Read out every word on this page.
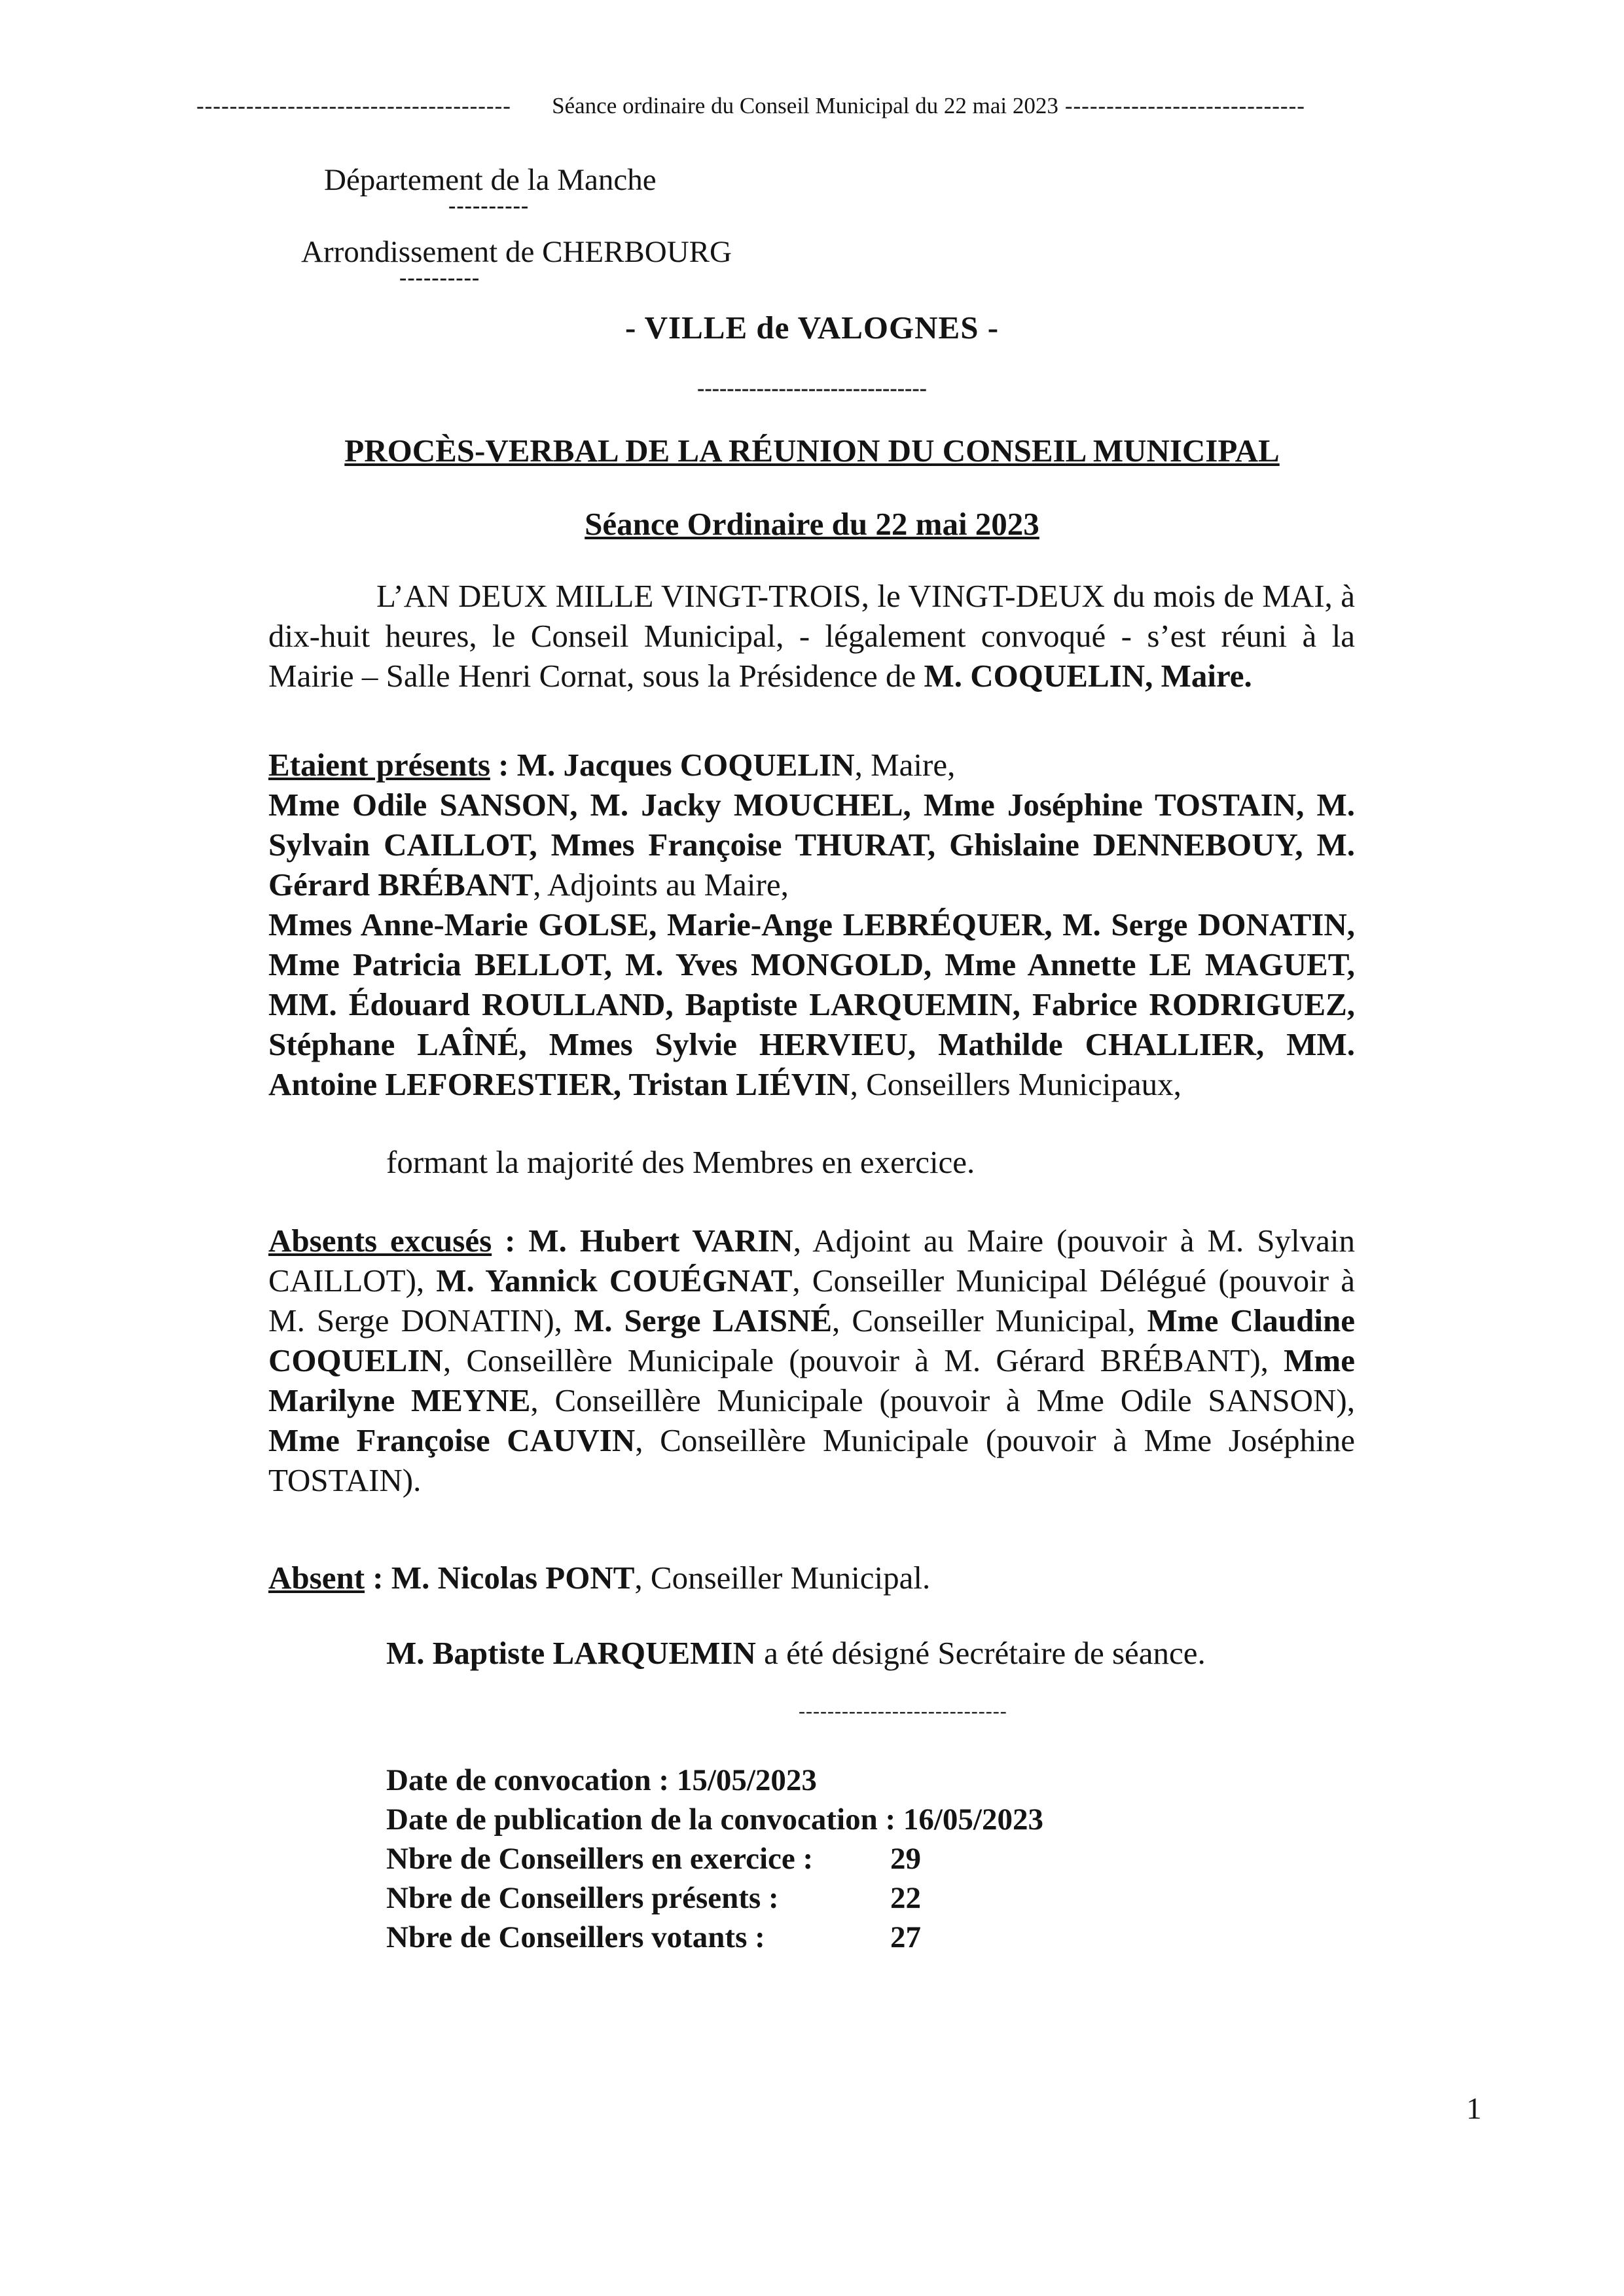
--------------------------------------	Séance ordinaire du Conseil Municipal du 22 mai 2023 -----------------------------
Département de la Manche
----------
Arrondissement de CHERBOURG
----------
- VILLE de VALOGNES -
-------------------------------
PROCÈS-VERBAL DE LA RÉUNION DU CONSEIL MUNICIPAL
Séance Ordinaire du 22 mai 2023
L’AN DEUX MILLE VINGT-TROIS, le VINGT-DEUX du mois de MAI, à dix-huit heures, le Conseil Municipal, - légalement convoqué - s’est réuni à la Mairie – Salle Henri Cornat, sous la Présidence de M. COQUELIN, Maire.
Etaient présents : M. Jacques COQUELIN, Maire,
Mme Odile SANSON, M. Jacky MOUCHEL, Mme Joséphine TOSTAIN, M. Sylvain CAILLOT, Mmes Françoise THURAT, Ghislaine DENNEBOUY, M. Gérard BRÉBANT, Adjoints au Maire,
Mmes Anne-Marie GOLSE, Marie-Ange LEBRÉQUER, M. Serge DONATIN, Mme Patricia BELLOT, M. Yves MONGOLD, Mme Annette LE MAGUET, MM. Édouard ROULLAND, Baptiste LARQUEMIN, Fabrice RODRIGUEZ, Stéphane LAÎNÉ, Mmes Sylvie HERVIEU, Mathilde CHALLIER, MM. Antoine LEFORESTIER, Tristan LIÉVIN, Conseillers Municipaux,
formant la majorité des Membres en exercice.
Absents excusés : M. Hubert VARIN, Adjoint au Maire (pouvoir à M. Sylvain CAILLOT), M. Yannick COUÉGNAT, Conseiller Municipal Délégué (pouvoir à M. Serge DONATIN), M. Serge LAISNÉ, Conseiller Municipal, Mme Claudine COQUELIN, Conseillère Municipale (pouvoir à M. Gérard BRÉBANT), Mme Marilyne MEYNE, Conseillère Municipale (pouvoir à Mme Odile SANSON), Mme Françoise CAUVIN, Conseillère Municipale (pouvoir à Mme Joséphine TOSTAIN).
Absent : M. Nicolas PONT, Conseiller Municipal.
M. Baptiste LARQUEMIN a été désigné Secrétaire de séance.
-----------------------------
Date de convocation : 15/05/2023
Date de publication de la convocation : 16/05/2023
Nbre de Conseillers en exercice :	29
Nbre de Conseillers présents :	22
Nbre de Conseillers votants :	27
1
